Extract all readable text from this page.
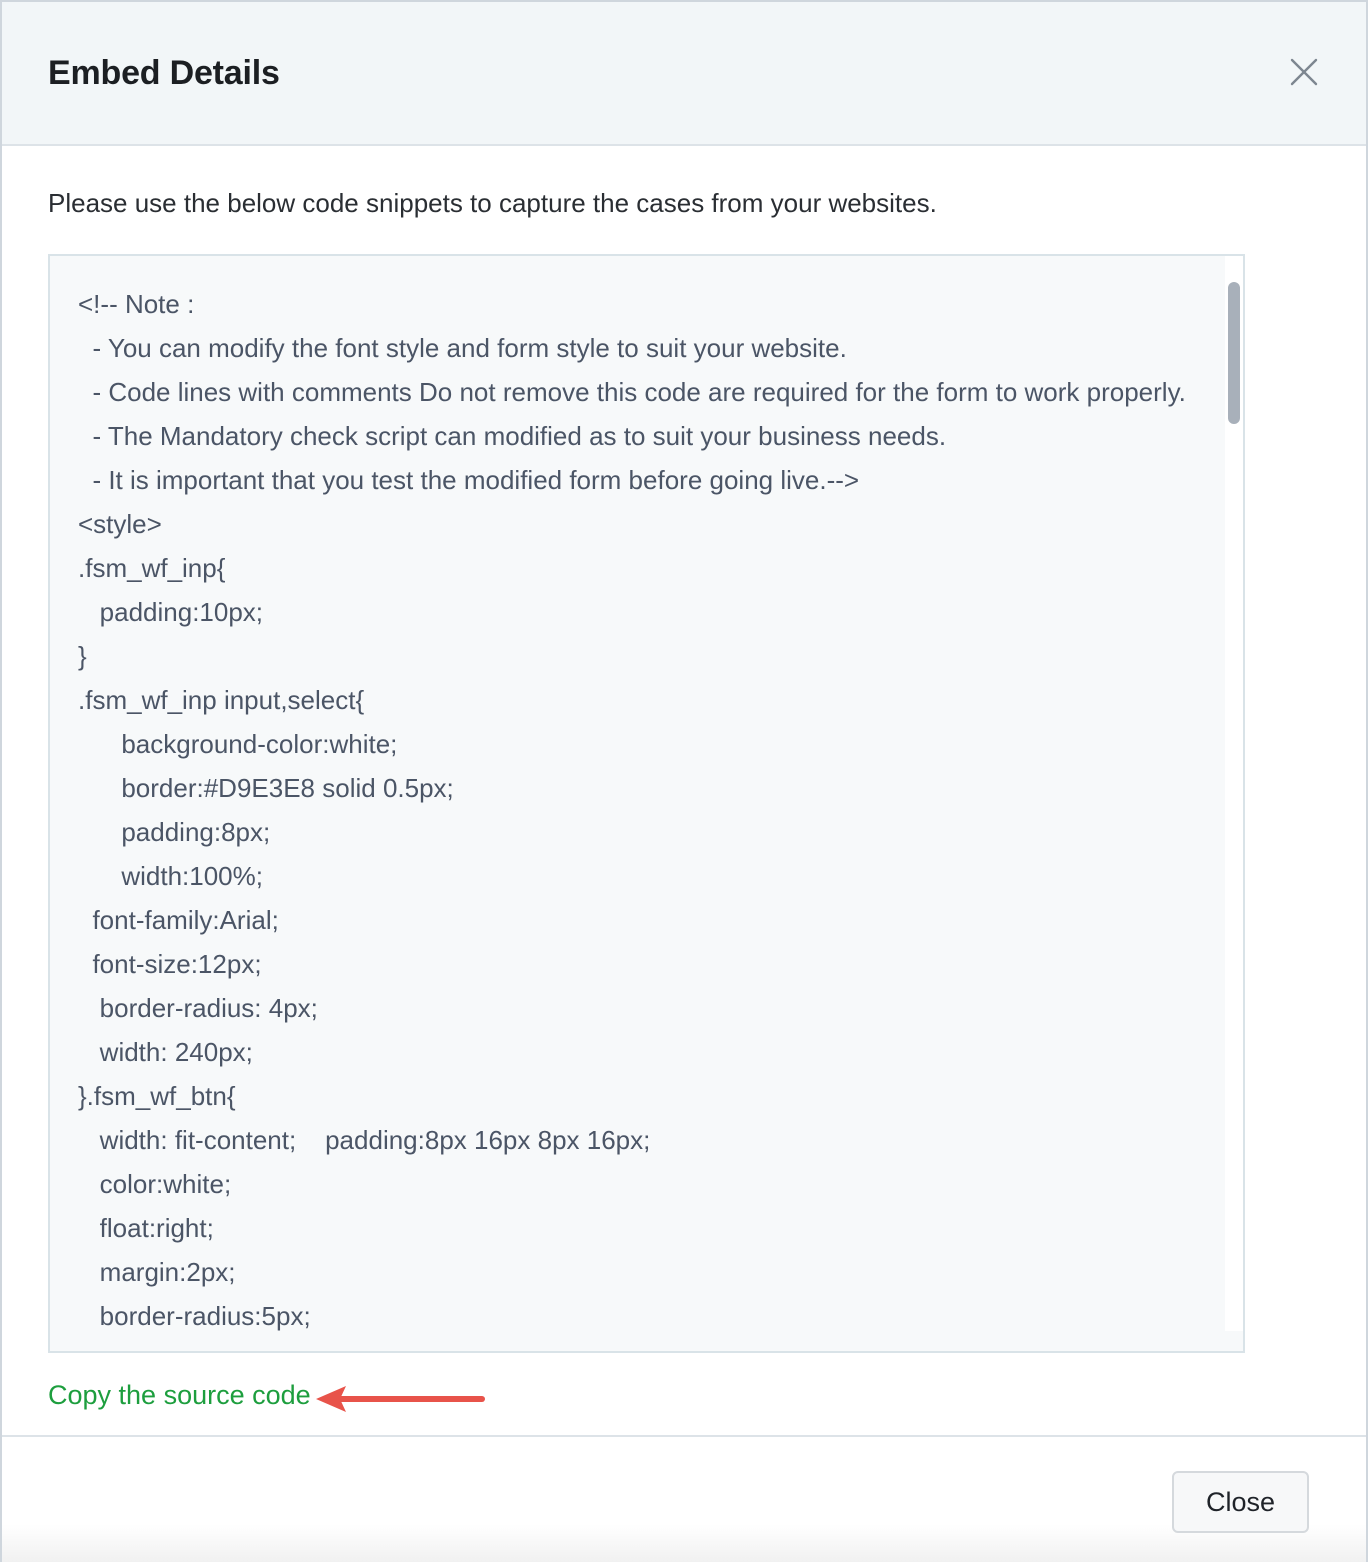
Embed Details
Please use the below code snippets to capture the cases from your websites.
<!-- Note :
- You can modify the font style and form style to suit your website.
- Code lines with comments Do not remove this code are required for the form to work properly.
- The Mandatory check script can modified as to suit your business needs.
- It is important that you test the modified form before going live.-->
<style>
.fsm_wf_inp{
padding:10px;
}
.fsm_wf_inp input,select{
background-color:white;
border:#D9E3E8 solid 0.5px;
padding:8px;
width:100%;
font-family:Arial;
font-size:12px;
border-radius: 4px;
width: 240px;
}.fsm_wf_btn{
width: fit-content;    padding:8px 16px 8px 16px;
color:white;
float:right;
margin:2px;
border-radius:5px;
Copy the source code
Close
